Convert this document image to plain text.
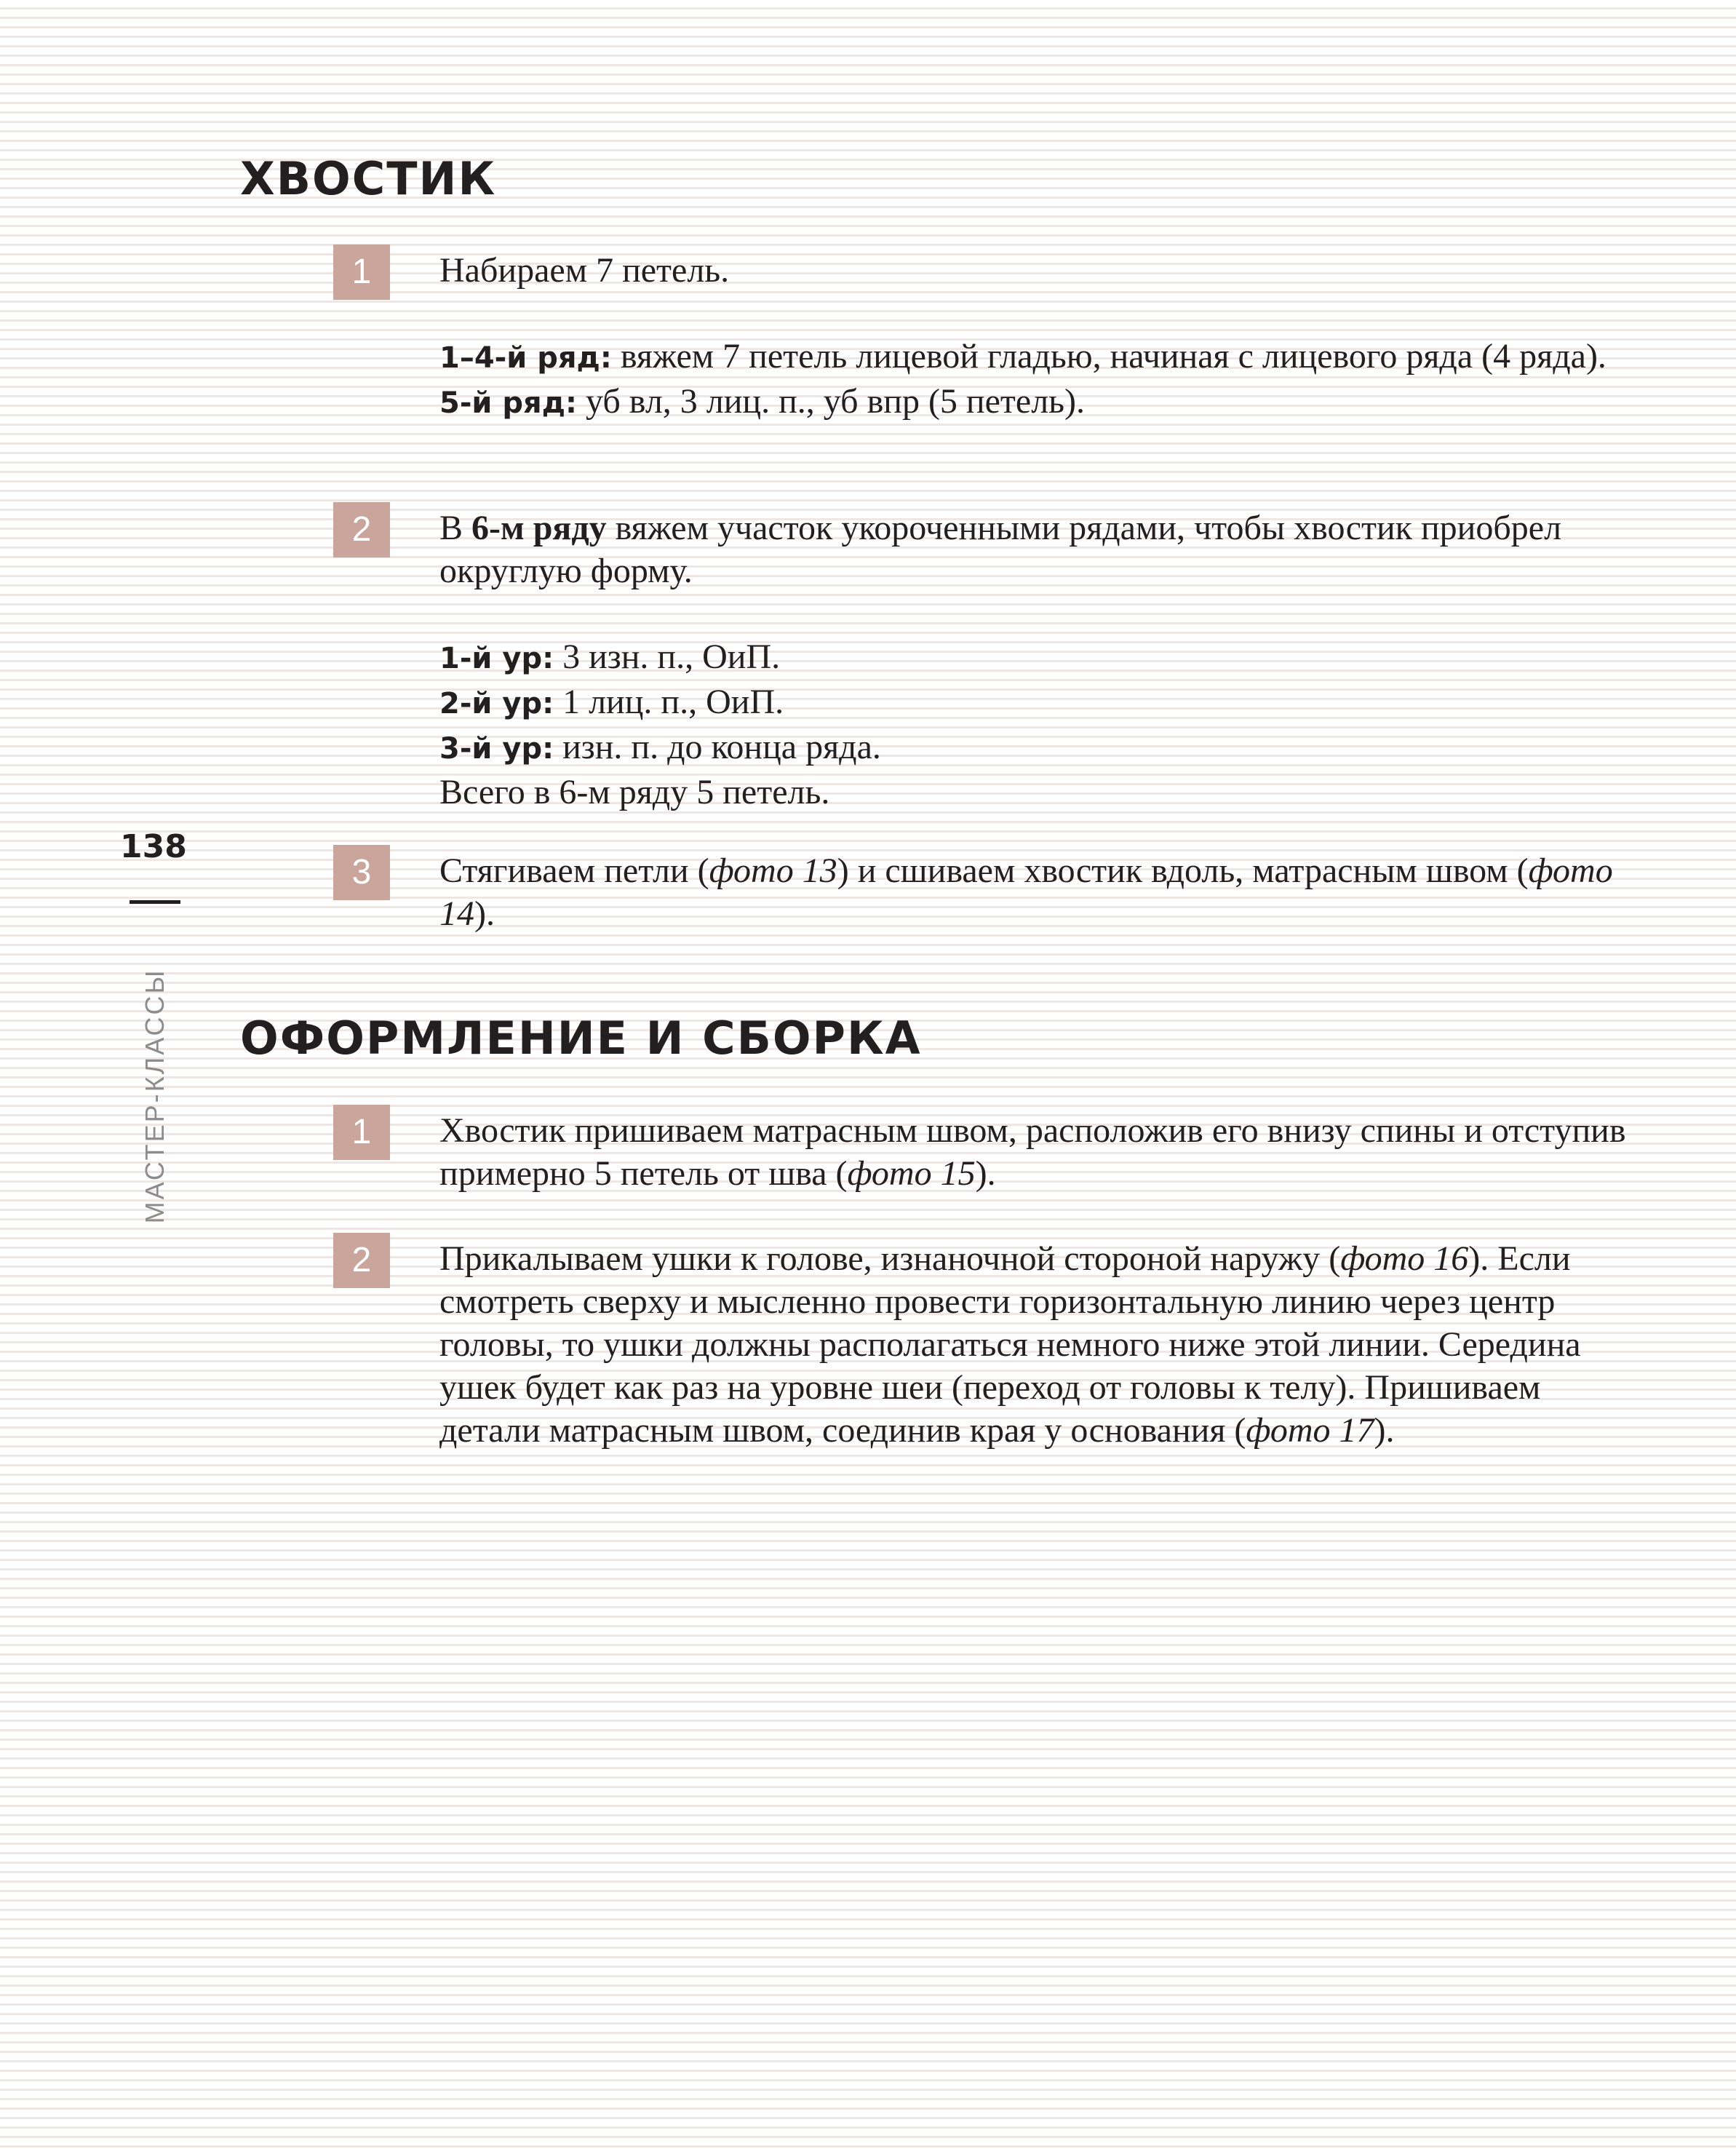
138
МАСТЕР-КЛАССЫ
ХВОСТИК
1	Набираем 7 петель.

1–4-й ряд: вяжем 7 петель лицевой гладью, начиная с лицевого ряда (4 ряда).

5-й ряд: уб вл, 3 лиц. п., уб впр (5 петель).

2	В 6-м ряду вяжем участок укороченными рядами, чтобы хвостик приобрел округлую форму.

1-й ур: 3 изн. п., ОиП.

2-й ур: 1 лиц. п., ОиП.

3-й ур: изн. п. до конца ряда.

Всего в 6-м ряду 5 петель.

3	Стягиваем петли (фото 13) и сшиваем хвостик вдоль, матрасным швом (фото 14).

ОФОРМЛЕНИЕ И СБОРКА
1	Хвостик пришиваем матрасным швом, расположив его внизу спины и отступив примерно 5 петель от шва (фото 15).

2	Прикалываем ушки к голове, изнаночной стороной наружу (фото 16). Если смотреть сверху и мысленно провести горизонтальную линию через центр головы, то ушки должны располагаться немного ниже этой линии. Середина ушек будет как раз на уровне шеи (переход от головы к телу). Пришиваем детали матрасным швом, соединив края у основания (фото 17).
